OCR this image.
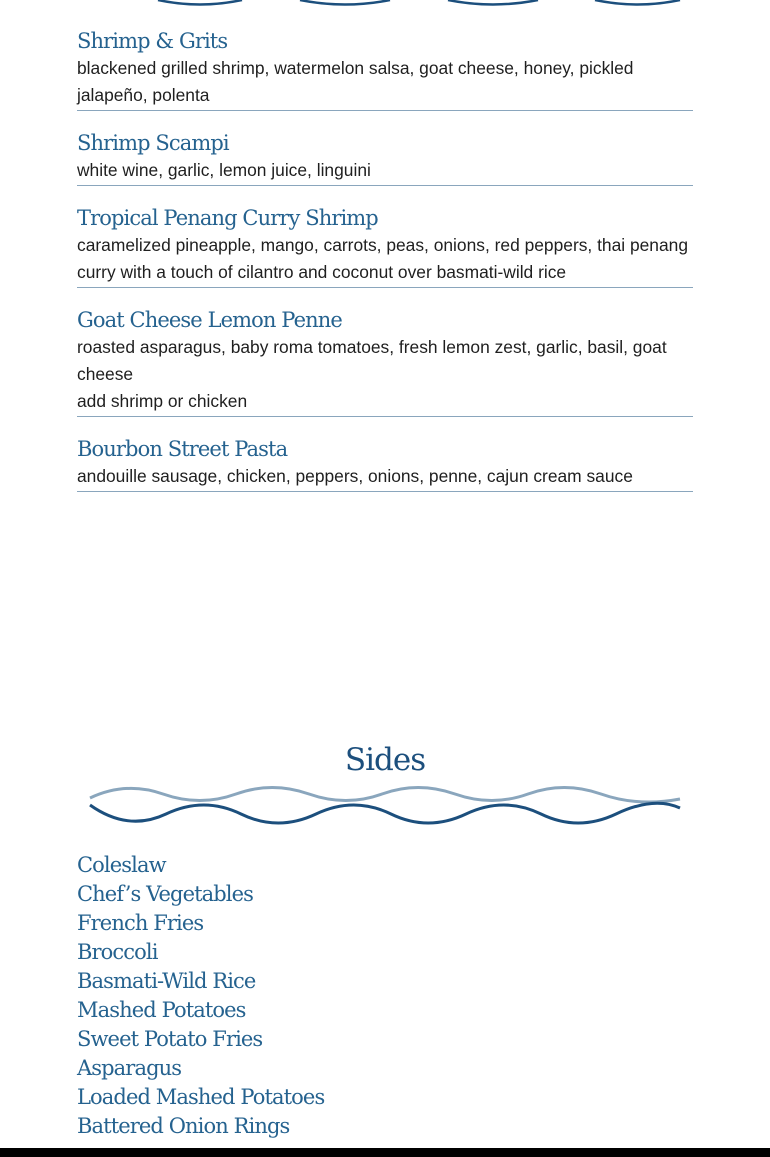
Shrimp & Grits

blackened grilled shrimp, watermelon salsa, goat cheese, honey, pickled
jalapeño, polenta

Shrimp Scampi

white wine, garlic, lemon juice, linguini

Tropical Penang Curry Shrimp

caramelized pineapple, mango, carrots, peas, onions, red peppers, thai penang
curry with a touch of cilantro and coconut over basmati-wild rice

Goat Cheese Lemon Penne

roasted asparagus, baby roma tomatoes, fresh lemon zest, garlic, basil, goat
cheese
add shrimp or chicken

Bourbon Street Pasta

andouille sausage, chicken, peppers, onions, penne, cajun cream sauce

Sides
Coleslaw
Chef’s Vegetables
French Fries
Broccoli
Basmati-Wild Rice
Mashed Potatoes
Sweet Potato Fries
Asparagus
Loaded Mashed Potatoes
Battered Onion Rings
